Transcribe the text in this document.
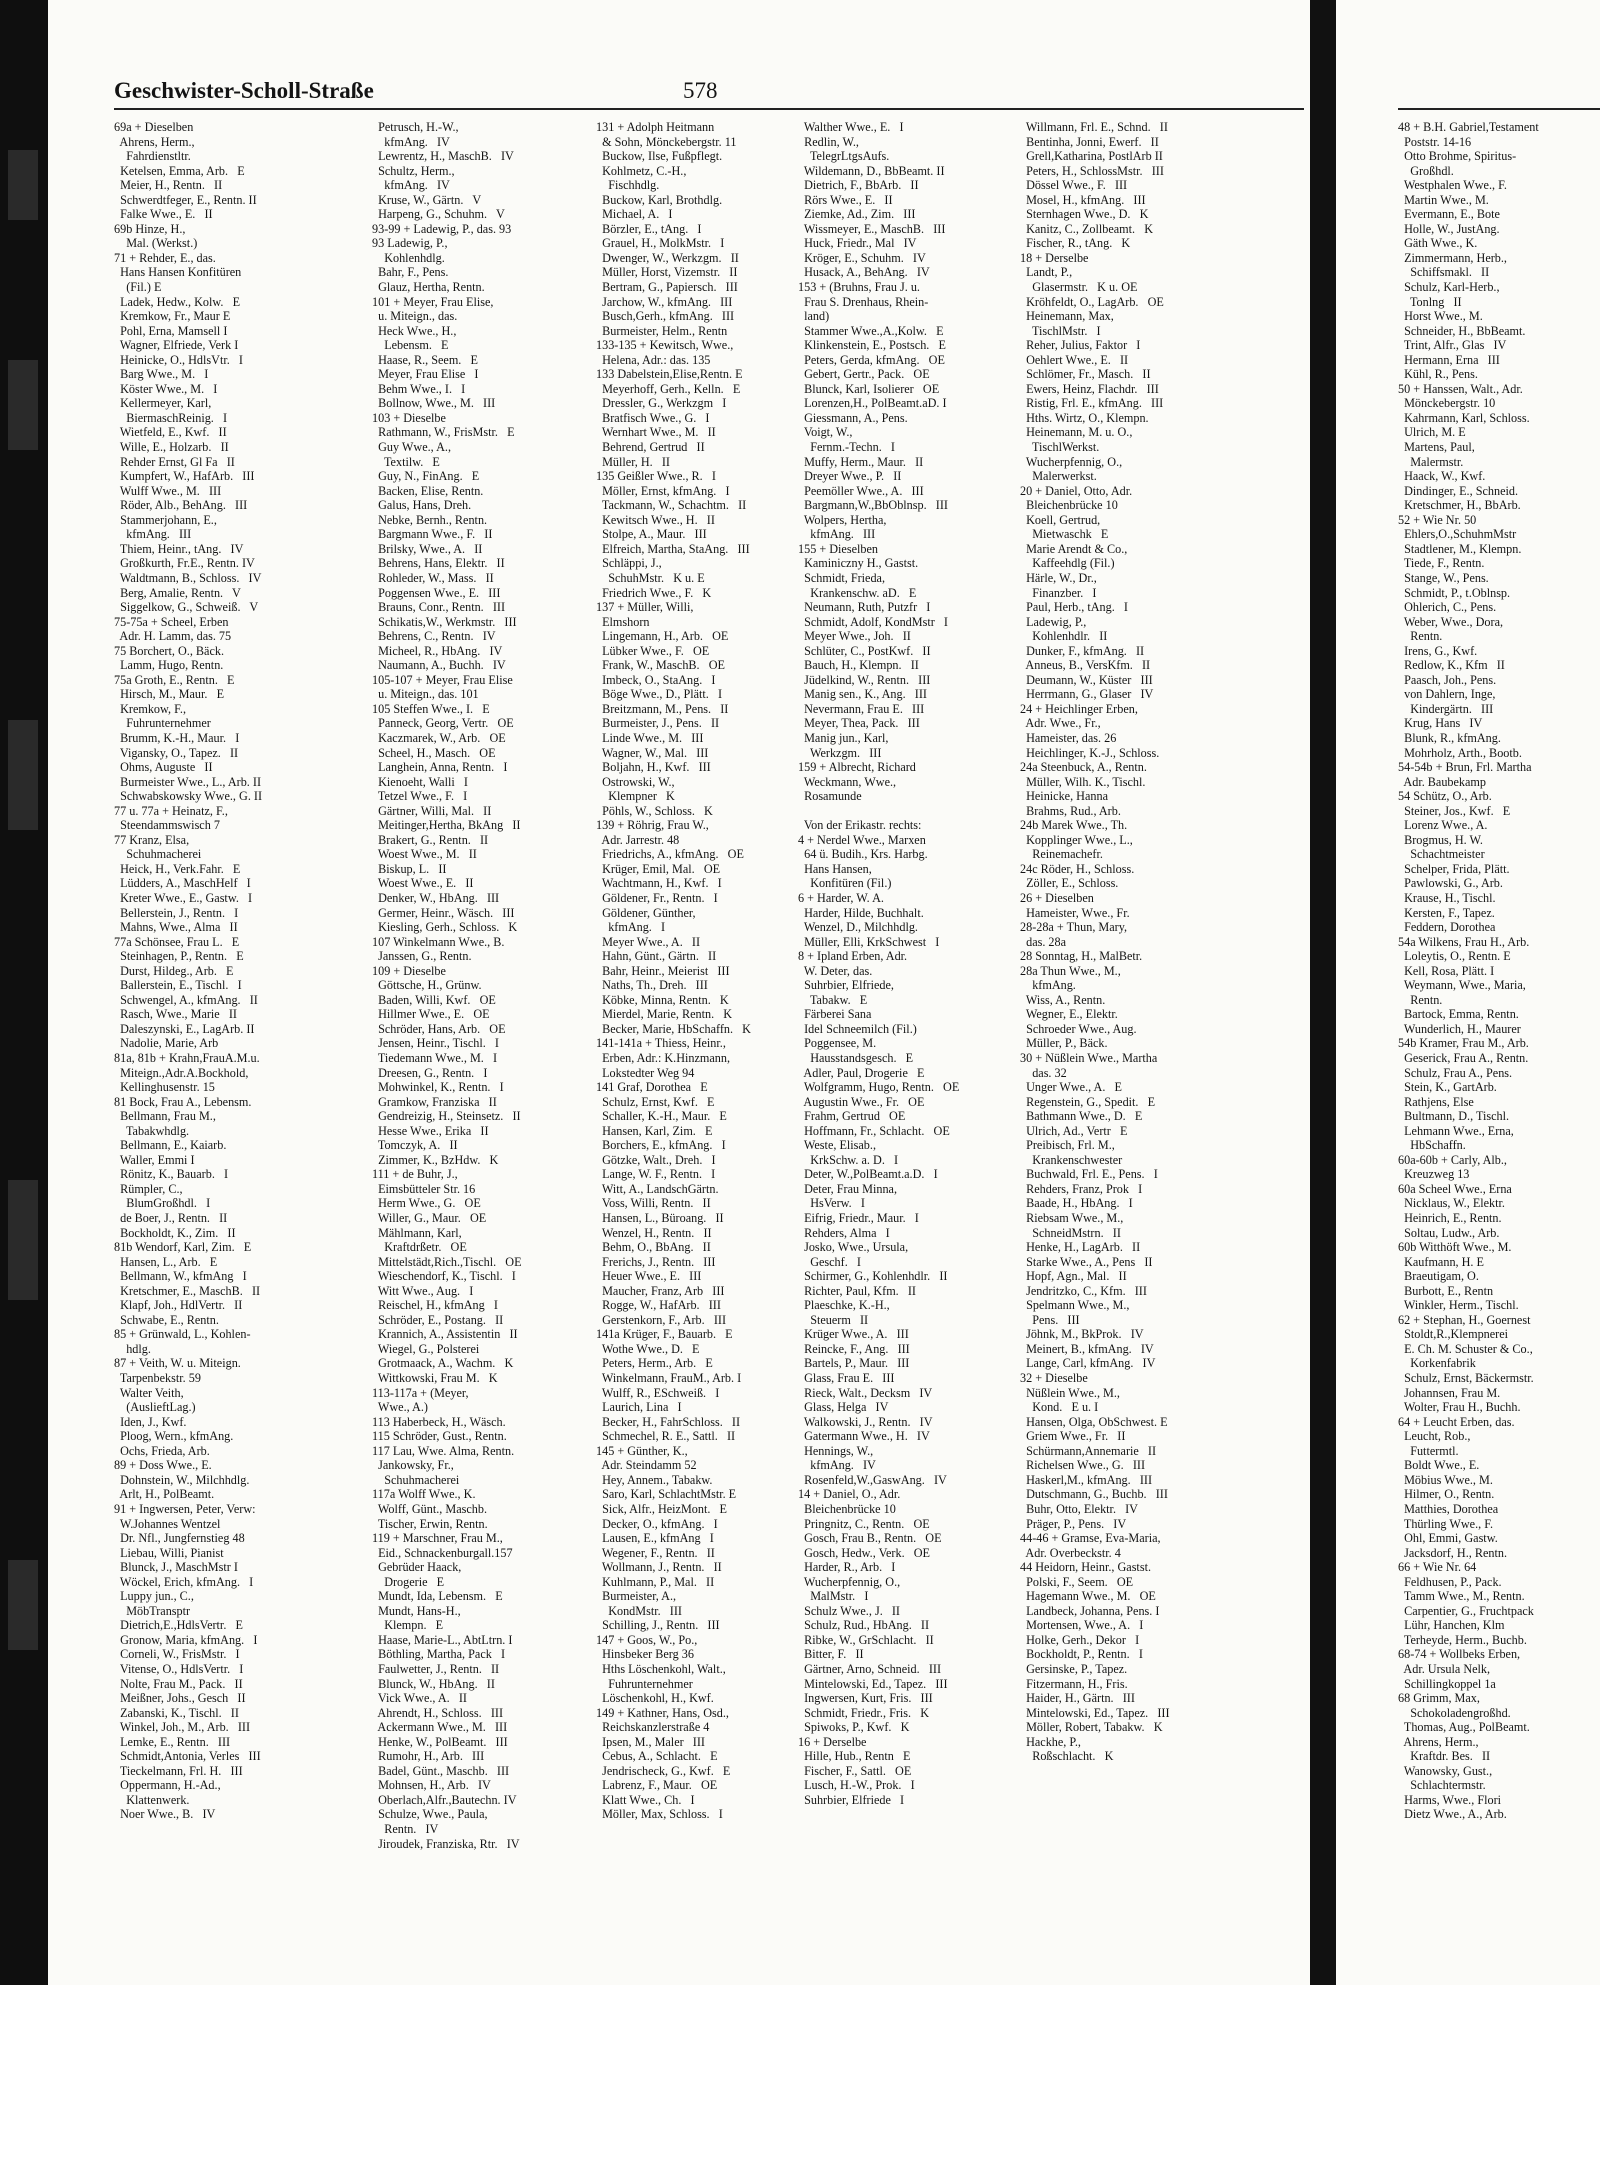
Geschwister-Scholl-Straße	578
69a + Dieselben
Ahrens, Herm.,
Fahrdienstltr.
Ketelsen, Emma, Arb.   E
Meier, H., Rentn.   II
Schwerdtfeger, E., Rentn. II
Falke Wwe., E.   II
69b Hinze, H.,
Mal. (Werkst.)
71 + Rehder, E., das.
Hans Hansen Konfitüren
(Fil.) E
Ladek, Hedw., Kolw.   E
Kremkow, Fr., Maur E
Pohl, Erna, Mamsell I
Wagner, Elfriede, Verk I
Heinicke, O., HdlsVtr.   I
Barg Wwe., M.   I
Köster Wwe., M.   I
Kellermeyer, Karl,
BiermaschReinig.   I
Wietfeld, E., Kwf.   II
Wille, E., Holzarb.   II
Rehder Ernst, Gl Fa   II
Kumpfert, W., HafArb.   III
Wulff Wwe., M.   III
Röder, Alb., BehAng.   III
Stammerjohann, E.,
kfmAng.   III
Thiem, Heinr., tAng.   IV
Großkurth, Fr.E., Rentn. IV
Waldtmann, B., Schloss.   IV
Berg, Amalie, Rentn.   V
Siggelkow, G., Schweiß.   V
75-75a + Scheel, Erben
Adr. H. Lamm, das. 75
75 Borchert, O., Bäck.
Lamm, Hugo, Rentn.
75a Groth, E., Rentn.   E
Hirsch, M., Maur.   E
Kremkow, F.,
Fuhrunternehmer
Brumm, K.-H., Maur.   I
Vigansky, O., Tapez.   II
Ohms, Auguste   II
Burmeister Wwe., L., Arb. II
Schwabskowsky Wwe., G. II
77 u. 77a + Heinatz, F.,
Steendammswisch 7
77 Kranz, Elsa,
Schuhmacherei
Heick, H., Verk.Fahr.   E
Lüdders, A., MaschHelf   I
Kreter Wwe., E., Gastw.   I
Bellerstein, J., Rentn.   I
Mahns, Wwe., Alma   II
77a Schönsee, Frau L.   E
Steinhagen, P., Rentn.   E
Durst, Hildeg., Arb.   E
Ballerstein, E., Tischl.   I
Schwengel, A., kfmAng.   II
Rasch, Wwe., Marie   II
Daleszynski, E., LagArb. II
Nadolie, Marie, Arb
81a, 81b + Krahn,FrauA.M.u.
Miteign.,Adr.A.Bockhold,
Kellinghusenstr. 15
81 Bock, Frau A., Lebensm.
Bellmann, Frau M.,
Tabakwhdlg.
Bellmann, E., Kaiarb.
Waller, Emmi I
Rönitz, K., Bauarb.   I
Rümpler, C.,
BlumGroßhdl.   I
de Boer, J., Rentn.   II
Bockholdt, K., Zim.   II
81b Wendorf, Karl, Zim.   E
Hansen, L., Arb.   E
Bellmann, W., kfmAng   I
Kretschmer, E., MaschB.   II
Klapf, Joh., HdlVertr.   II
Schwabe, E., Rentn.
85 + Grünwald, L., Kohlen-
hdlg.
87 + Veith, W. u. Miteign.
Tarpenbekstr. 59
Walter Veith,
(AuslieftLag.)
Iden, J., Kwf.
Ploog, Wern., kfmAng.
Ochs, Frieda, Arb.
89 + Doss Wwe., E.
Dohnstein, W., Milchhdlg.
Arlt, H., PolBeamt.
91 + Ingwersen, Peter, Verw:
W.Johannes Wentzel
Dr. Nfl., Jungfernstieg 48
Liebau, Willi, Pianist
Blunck, J., MaschMstr I
Wöckel, Erich, kfmAng.   I
Luppy jun., C.,
MöbTransptr
Dietrich,E.,HdlsVertr.   E
Gronow, Maria, kfmAng.   I
Corneli, W., FrisMstr.   I
Vitense, O., HdlsVertr.   I
Nolte, Frau M., Pack.   II
Meißner, Johs., Gesch   II
Zabanski, K., Tischl.   II
Winkel, Joh., M., Arb.   III
Lemke, E., Rentn.   III
Schmidt,Antonia, Verles   III
Tieckelmann, Frl. H.   III
Oppermann, H.-Ad.,
Klattenwerk.
Noer Wwe., B.   IV
Petrusch, H.-W.,
kfmAng.   IV
Lewrentz, H., MaschB.   IV
Schultz, Herm.,
kfmAng.   IV
Kruse, W., Gärtn.   V
Harpeng, G., Schuhm.   V
93-99 + Ladewig, P., das. 93
93 Ladewig, P.,
Kohlenhdlg.
Bahr, F., Pens.
Glauz, Hertha, Rentn.
101 + Meyer, Frau Elise,
u. Miteign., das.
Heck Wwe., H.,
Lebensm.   E
Haase, R., Seem.   E
Meyer, Frau Elise   I
Behm Wwe., I.   I
Bollnow, Wwe., M.   III
103 + Dieselbe
Rathmann, W., FrisMstr.   E
Guy Wwe., A.,
Textilw.   E
Guy, N., FinAng.   E
Backen, Elise, Rentn.
Galus, Hans, Dreh.
Nebke, Bernh., Rentn.
Bargmann Wwe., F.   II
Brilsky, Wwe., A.   II
Behrens, Hans, Elektr.   II
Rohleder, W., Mass.   II
Poggensen Wwe., E.   III
Brauns, Conr., Rentn.   III
Schikatis,W., Werkmstr.   III
Behrens, C., Rentn.   IV
Micheel, R., HbAng.   IV
Naumann, A., Buchh.   IV
105-107 + Meyer, Frau Elise
u. Miteign., das. 101
105 Steffen Wwe., I.   E
Panneck, Georg, Vertr.   OE
Kaczmarek, W., Arb.   OE
Scheel, H., Masch.   OE
Langhein, Anna, Rentn.   I
Kienoeht, Walli   I
Tetzel Wwe., F.   I
Gärtner, Willi, Mal.   II
Meitinger,Hertha, BkAng   II
Brakert, G., Rentn.   II
Woest Wwe., M.   II
Biskup, L.   II
Woest Wwe., E.   II
Denker, W., HbAng.   III
Germer, Heinr., Wäsch.   III
Kiesling, Gerh., Schloss.   K
107 Winkelmann Wwe., B.
Janssen, G., Rentn.
109 + Dieselbe
Göttsche, H., Grünw.
Baden, Willi, Kwf.   OE
Hillmer Wwe., E.   OE
Schröder, Hans, Arb.   OE
Jensen, Heinr., Tischl.   I
Tiedemann Wwe., M.   I
Dreesen, G., Rentn.   I
Mohwinkel, K., Rentn.   I
Gramkow, Franziska   II
Gendreizig, H., Steinsetz.   II
Hesse Wwe., Erika   II
Tomczyk, A.   II
Zimmer, K., BzHdw.   K
111 + de Buhr, J.,
Eimsbütteler Str. 16
Herm Wwe., G.   OE
Willer, G., Maur.   OE
Mählmann, Karl,
Kraftdrßetr.   OE
Mittelstädt,Rich.,Tischl.   OE
Wieschendorf, K., Tischl.   I
Witt Wwe., Aug.   I
Reischel, H., kfmAng   I
Schröder, E., Postang.   II
Krannich, A., Assistentin   II
Wiegel, G., Polsterei
Grotmaack, A., Wachm.   K
Wittkowski, Frau M.   K
113-117a + (Meyer,
Wwe., A.)
113 Haberbeck, H., Wäsch.
115 Schröder, Gust., Rentn.
117 Lau, Wwe. Alma, Rentn.
Jankowsky, Fr.,
Schuhmacherei
117a Wolff Wwe., K.
Wolff, Günt., Maschb.
Tischer, Erwin, Rentn.
119 + Marschner, Frau M.,
Eid., Schnackenburgall.157
Gebrüder Haack,
Drogerie   E
Mundt, Ida, Lebensm.   E
Mundt, Hans-H.,
Klempn.   E
Haase, Marie-L., AbtLtrn. I
Böthling, Martha, Pack   I
Faulwetter, J., Rentn.   II
Blunck, W., HbAng.   II
Vick Wwe., A.   II
Ahrendt, H., Schloss.   III
Ackermann Wwe., M.   III
Henke, W., PolBeamt.   III
Rumohr, H., Arb.   III
Badel, Günt., Maschb.   III
Mohnsen, H., Arb.   IV
Oberlach,Alfr.,Bautechn. IV
Schulze, Wwe., Paula,
Rentn.   IV
Jiroudek, Franziska, Rtr.   IV
131 + Adolph Heitmann
& Sohn, Mönckebergstr. 11
Buckow, Ilse, Fußpflegt.
Kohlmetz, C.-H.,
Fischhdlg.
Buckow, Karl, Brothdlg.
Michael, A.   I
Börzler, E., tAng.   I
Grauel, H., MolkMstr.   I
Dwenger, W., Werkzgm.   II
Müller, Horst, Vizemstr.   II
Bertram, G., Papiersch.   III
Jarchow, W., kfmAng.   III
Busch,Gerh., kfmAng.   III
Burmeister, Helm., Rentn
133-135 + Kewitsch, Wwe.,
Helena, Adr.: das. 135
133 Dabelstein,Elise,Rentn. E
Meyerhoff, Gerh., Kelln.   E
Dressler, G., Werkzgm   I
Bratfisch Wwe., G.   I
Wernhart Wwe., M.   II
Behrend, Gertrud   II
Müller, H.   II
135 Geißler Wwe., R.   I
Möller, Ernst, kfmAng.   I
Tackmann, W., Schachtm.   II
Kewitsch Wwe., H.   II
Stolpe, A., Maur.   III
Elfreich, Martha, StaAng.   III
Schläppi, J.,
SchuhMstr.   K u. E
Friedrich Wwe., F.   K
137 + Müller, Willi,
Elmshorn
Lingemann, H., Arb.   OE
Lübker Wwe., F.   OE
Frank, W., MaschB.   OE
Imbeck, O., StaAng.   I
Böge Wwe., D., Plätt.   I
Breitzmann, M., Pens.   II
Burmeister, J., Pens.   II
Linde Wwe., M.   III
Wagner, W., Mal.   III
Boljahn, H., Kwf.   III
Ostrowski, W.,
Klempner   K
Pöhls, W., Schloss.   K
139 + Röhrig, Frau W.,
Adr. Jarrestr. 48
Friedrichs, A., kfmAng.   OE
Krüger, Emil, Mal.   OE
Wachtmann, H., Kwf.   I
Göldener, Fr., Rentn.   I
Göldener, Günther,
kfmAng.   I
Meyer Wwe., A.   II
Hahn, Günt., Gärtn.   II
Bahr, Heinr., Meierist   III
Naths, Th., Dreh.   III
Köbke, Minna, Rentn.   K
Mierdel, Marie, Rentn.   K
Becker, Marie, HbSchaffn.   K
141-141a + Thiess, Heinr.,
Erben, Adr.: K.Hinzmann,
Lokstedter Weg 94
141 Graf, Dorothea   E
Schulz, Ernst, Kwf.   E
Schaller, K.-H., Maur.   E
Hansen, Karl, Zim.   E
Borchers, E., kfmAng.   I
Götzke, Walt., Dreh.   I
Lange, W. F., Rentn.   I
Witt, A., LandschGärtn.
Voss, Willi, Rentn.   II
Hansen, L., Büroang.   II
Wenzel, H., Rentn.   II
Behm, O., BbAng.   II
Frerichs, J., Rentn.   III
Heuer Wwe., E.   III
Maucher, Franz, Arb   III
Rogge, W., HafArb.   III
Gerstenkorn, F., Arb.   III
141a Krüger, F., Bauarb.   E
Wothe Wwe., D.   E
Peters, Herm., Arb.   E
Winkelmann, FrauM., Arb. I
Wulff, R., ESchweiß.   I
Laurich, Lina   I
Becker, H., FahrSchloss.   II
Schmechel, R. E., Sattl.   II
145 + Günther, K.,
Adr. Steindamm 52
Hey, Annem., Tabakw.
Saro, Karl, SchlachtMstr. E
Sick, Alfr., HeizMont.   E
Decker, O., kfmAng.   I
Lausen, E., kfmAng   I
Wegener, F., Rentn.   II
Wollmann, J., Rentn.   II
Kuhlmann, P., Mal.   II
Burmeister, A.,
KondMstr.   III
Schilling, J., Rentn.   III
147 + Goos, W., Po.,
Hinsbeker Berg 36
Hths Löschenkohl, Walt.,
Fuhrunternehmer
Löschenkohl, H., Kwf.
149 + Kathner, Hans, Osd.,
Reichskanzlerstraße 4
Ipsen, M., Maler   III
Cebus, A., Schlacht.   E
Jendrischeck, G., Kwf.   E
Labrenz, F., Maur.   OE
Klatt Wwe., Ch.   I
Möller, Max, Schloss.   I
Walther Wwe., E.   I
Redlin, W.,
TelegrLtgsAufs.
Wildemann, D., BbBeamt. II
Dietrich, F., BbArb.   II
Rörs Wwe., E.   II
Ziemke, Ad., Zim.   III
Wissmeyer, E., MaschB.   III
Huck, Friedr., Mal   IV
Kröger, E., Schuhm.   IV
Husack, A., BehAng.   IV
153 + (Bruhns, Frau J. u.
Frau S. Drenhaus, Rhein-
land)
Stammer Wwe.,A.,Kolw.   E
Klinkenstein, E., Postsch.   E
Peters, Gerda, kfmAng.   OE
Gebert, Gertr., Pack.   OE
Blunck, Karl, Isolierer   OE
Lorenzen,H., PolBeamt.aD. I
Giessmann, A., Pens.
Voigt, W.,
Fernm.-Techn.   I
Muffy, Herm., Maur.   II
Dreyer Wwe., P.   II
Peemöller Wwe., A.   III
Bargmann,W.,BbOblnsp.   III
Wolpers, Hertha,
kfmAng.   III
155 + Dieselben
Kaminiczny H., Gastst.
Schmidt, Frieda,
Krankenschw. aD.   E
Neumann, Ruth, Putzfr   I
Schmidt, Adolf, KondMstr   I
Meyer Wwe., Joh.   II
Schlüter, C., PostKwf.   II
Bauch, H., Klempn.   II
Jüdelkind, W., Rentn.   III
Manig sen., K., Ang.   III
Nevermann, Frau E.   III
Meyer, Thea, Pack.   III
Manig jun., Karl,
Werkzgm.   III
159 + Albrecht, Richard
Weckmann, Wwe.,
Rosamunde

Von der Erikastr. rechts:
4 + Nerdel Wwe., Marxen
64 ü. Budih., Krs. Harbg.
Hans Hansen,
Konfitüren (Fil.)
6 + Harder, W. A.
Harder, Hilde, Buchhalt.
Wenzel, D., Milchhdlg.
Müller, Elli, KrkSchwest   I
8 + Ipland Erben, Adr.
W. Deter, das.
Suhrbier, Elfriede,
Tabakw.   E
Färberei Sana
Idel Schneemilch (Fil.)
Poggensee, M.
Hausstandsgesch.   E
Adler, Paul, Drogerie   E
Wolfgramm, Hugo, Rentn.   OE
Augustin Wwe., Fr.   OE
Frahm, Gertrud   OE
Hoffmann, Fr., Schlacht.   OE
Weste, Elisab.,
KrkSchw. a. D.   I
Deter, W.,PolBeamt.a.D.   I
Deter, Frau Minna,
HsVerw.   I
Eifrig, Friedr., Maur.   I
Rehders, Alma   I
Josko, Wwe., Ursula,
Geschf.   I
Schirmer, G., Kohlenhdlr.   II
Richter, Paul, Kfm.   II
Plaeschke, K.-H.,
Steuerm   II
Krüger Wwe., A.   III
Reincke, F., Ang.   III
Bartels, P., Maur.   III
Glass, Frau E.   III
Rieck, Walt., Decksm   IV
Glass, Helga   IV
Walkowski, J., Rentn.   IV
Gatermann Wwe., H.   IV
Hennings, W.,
kfmAng.   IV
Rosenfeld,W.,GaswAng.   IV
14 + Daniel, O., Adr.
Bleichenbrücke 10
Pringnitz, C., Rentn.   OE
Gosch, Frau B., Rentn.   OE
Gosch, Hedw., Verk.   OE
Harder, R., Arb.   I
Wucherpfennig, O.,
MalMstr.   I
Schulz Wwe., J.   II
Schulz, Rud., HbAng.   II
Ribke, W., GrSchlacht.   II
Bitter, F.   II
Gärtner, Arno, Schneid.   III
Mintelowski, Ed., Tapez.   III
Ingwersen, Kurt, Fris.   III
Schmidt, Friedr., Fris.   K
Spiwoks, P., Kwf.   K
16 + Derselbe
Hille, Hub., Rentn   E
Fischer, F., Sattl.   OE
Lusch, H.-W., Prok.   I
Suhrbier, Elfriede   I
Willmann, Frl. E., Schnd.   II
Bentinha, Jonni, Ewerf.   II
Grell,Katharina, PostlArb II
Peters, H., SchlossMstr.   III
Dössel Wwe., F.   III
Mosel, H., kfmAng.   III
Sternhagen Wwe., D.   K
Kanitz, C., Zollbeamt.   K
Fischer, R., tAng.   K
18 + Derselbe
Landt, P.,
Glasermstr.   K u. OE
Kröhfeldt, O., LagArb.   OE
Heinemann, Max,
TischlMstr.   I
Reher, Julius, Faktor   I
Oehlert Wwe., E.   II
Schlömer, Fr., Masch.   II
Ewers, Heinz, Flachdr.   III
Ristig, Frl. E., kfmAng.   III
Hths. Wirtz, O., Klempn.
Heinemann, M. u. O.,
TischlWerkst.
Wucherpfennig, O.,
Malerwerkst.
20 + Daniel, Otto, Adr.
Bleichenbrücke 10
Koell, Gertrud,
Mietwaschk   E
Marie Arendt & Co.,
Kaffeehdlg (Fil.)
Härle, W., Dr.,
Finanzber.   I
Paul, Herb., tAng.   I
Ladewig, P.,
Kohlenhdlr.   II
Dunker, F., kfmAng.   II
Anneus, B., VersKfm.   II
Deumann, W., Küster   III
Herrmann, G., Glaser   IV
24 + Heichlinger Erben,
Adr. Wwe., Fr.,
Hameister, das. 26
Heichlinger, K.-J., Schloss.
24a Steenbuck, A., Rentn.
Müller, Wilh. K., Tischl.
Heinicke, Hanna
Brahms, Rud., Arb.
24b Marek Wwe., Th.
Kopplinger Wwe., L.,
Reinemachefr.
24c Röder, H., Schloss.
Zöller, E., Schloss.
26 + Dieselben
Hameister, Wwe., Fr.
28-28a + Thun, Mary,
das. 28a
28 Sonntag, H., MalBetr.
28a Thun Wwe., M.,
kfmAng.
Wiss, A., Rentn.
Wegner, E., Elektr.
Schroeder Wwe., Aug.
Müller, P., Bäck.
30 + Nüßlein Wwe., Martha
das. 32
Unger Wwe., A.   E
Regenstein, G., Spedit.   E
Bathmann Wwe., D.   E
Ulrich, Ad., Vertr   E
Preibisch, Frl. M.,
Krankenschwester
Buchwald, Frl. E., Pens.   I
Rehders, Franz, Prok   I
Baade, H., HbAng.   I
Riebsam Wwe., M.,
SchneidMstrn.   II
Henke, H., LagArb.   II
Starke Wwe., A., Pens   II
Hopf, Agn., Mal.   II
Jendritzko, C., Kfm.   III
Spelmann Wwe., M.,
Pens.   III
Jöhnk, M., BkProk.   IV
Meinert, B., kfmAng.   IV
Lange, Carl, kfmAng.   IV
32 + Dieselbe
Nüßlein Wwe., M.,
Kond.   E u. I
Hansen, Olga, ObSchwest. E
Griem Wwe., Fr.   II
Schürmann,Annemarie   II
Richelsen Wwe., G.   III
Haskerl,M., kfmAng.   III
Dutschmann, G., Buchb.   III
Buhr, Otto, Elektr.   IV
Präger, P., Pens.   IV
44-46 + Gramse, Eva-Maria,
Adr. Overbeckstr. 4
44 Heidorn, Heinr., Gastst.
Polski, F., Seem.   OE
Hagemann Wwe., M.   OE
Landbeck, Johanna, Pens. I
Mortensen, Wwe., A.   I
Holke, Gerh., Dekor   I
Bockholdt, P., Rentn.   I
Gersinske, P., Tapez.
Fitzermann, H., Fris.
Haider, H., Gärtn.   III
Mintelowski, Ed., Tapez.   III
Möller, Robert, Tabakw.   K
Hackhe, P.,
Roßschlacht.   K
48 + B.H. Gabriel,Testament
Poststr. 14-16
Otto Brohme, Spiritus-
Großhdl.
Westphalen Wwe., F.
Martin Wwe., M.
Evermann, E., Bote
Holle, W., JustAng.
Gäth Wwe., K.
Zimmermann, Herb.,
Schiffsmakl.   II
Schulz, Karl-Herb.,
Tonlng   II
Horst Wwe., M.
Schneider, H., BbBeamt.
Trint, Alfr., Glas   IV
Hermann, Erna   III
Kühl, R., Pens.
50 + Hanssen, Walt., Adr.
Mönckebergstr. 10
Kahrmann, Karl, Schloss.
Ulrich, M. E
Martens, Paul,
Malermstr.
Haack, W., Kwf.
Dindinger, E., Schneid.
Kretschmer, H., BbArb.
52 + Wie Nr. 50
Ehlers,O.,SchuhmMstr
Stadtlener, M., Klempn.
Tiede, F., Rentn.
Stange, W., Pens.
Schmidt, P., t.Oblnsp.
Ohlerich, C., Pens.
Weber, Wwe., Dora,
Rentn.
Irens, G., Kwf.
Redlow, K., Kfm   II
Paasch, Joh., Pens.
von Dahlern, Inge,
Kindergärtn.   III
Krug, Hans   IV
Blunk, R., kfmAng.
Mohrholz, Arth., Bootb.
54-54b + Brun, Frl. Martha
Adr. Baubekamp
54 Schütz, O., Arb.
Steiner, Jos., Kwf.   E
Lorenz Wwe., A.
Brogmus, H. W.
Schachtmeister
Schelper, Frida, Plätt.
Pawlowski, G., Arb.
Krause, H., Tischl.
Kersten, F., Tapez.
Feddern, Dorothea
54a Wilkens, Frau H., Arb.
Loleytis, O., Rentn. E
Kell, Rosa, Plätt. I
Weymann, Wwe., Maria,
Rentn.
Bartock, Emma, Rentn.
Wunderlich, H., Maurer
54b Kramer, Frau M., Arb.
Geserick, Frau A., Rentn.
Schulz, Frau A., Pens.
Stein, K., GartArb.
Rathjens, Else
Bultmann, D., Tischl.
Lehmann Wwe., Erna,
HbSchaffn.
60a-60b + Carly, Alb.,
Kreuzweg 13
60a Scheel Wwe., Erna
Nicklaus, W., Elektr.
Heinrich, E., Rentn.
Soltau, Ludw., Arb.
60b Witthöft Wwe., M.
Kaufmann, H. E
Braeutigam, O.
Burbott, E., Rentn
Winkler, Herm., Tischl.
62 + Stephan, H., Goernest
Stoldt,R.,Klempnerei
E. Ch. M. Schuster & Co.,
Korkenfabrik
Schulz, Ernst, Bäckermstr.
Johannsen, Frau M.
Wolter, Frau H., Buchh.
64 + Leucht Erben, das.
Leucht, Rob.,
Futtermtl.
Boldt Wwe., E.
Möbius Wwe., M.
Hilmer, O., Rentn.
Matthies, Dorothea
Thürling Wwe., F.
Ohl, Emmi, Gastw.
Jacksdorf, H., Rentn.
66 + Wie Nr. 64
Feldhusen, P., Pack.
Tamm Wwe., M., Rentn.
Carpentier, G., Fruchtpack
Lühr, Hanchen, Klm
Terheyde, Herm., Buchb.
68-74 + Wollbeks Erben,
Adr. Ursula Nelk,
Schillingkoppel 1a
68 Grimm, Max,
Schokoladengroßhd.
Thomas, Aug., PolBeamt.
Ahrens, Herm.,
Kraftdr. Bes.   II
Wanowsky, Gust.,
Schlachtermstr.
Harms, Wwe., Flori
Dietz Wwe., A., Arb.
